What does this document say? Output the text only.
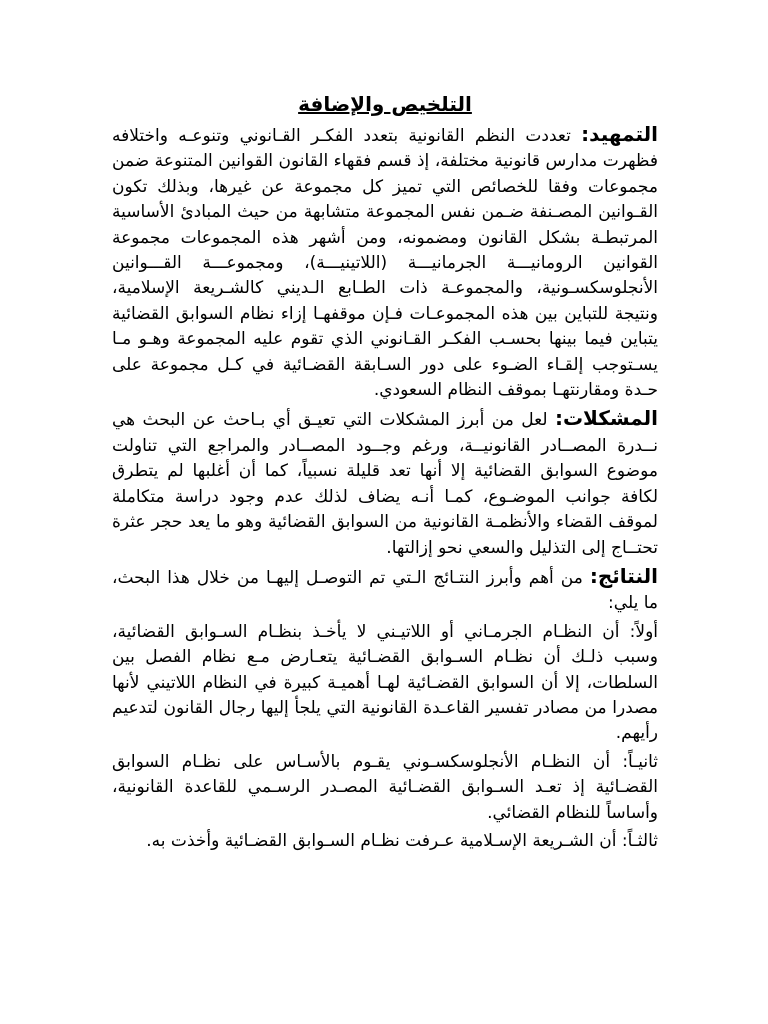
التلخيص والإضافة

التمهيد: تعددت النظم القانونية بتعدد الفكـر القـانوني وتنوعـه واختلافه فظهرت مدارس قانونية مختلفة، إذ قسم فقهاء القانون القوانين المتنوعة ضمن مجموعات وفقا للخصائص التي تميز كل مجموعة عن غيرها، وبذلك تكون القـوانين المصـنفة ضـمن نفس المجموعة متشابهة من حيث المبادئ الأساسية المرتبطـة بشكل القانون ومضمونه، ومن أشهر هذه المجموعات مجموعة القوانين الرومانيـــة الجرمانيـــة (اللاتينيـــة)، ومجموعـــة القـــوانين الأنجلوسكسـونية، والمجموعـة ذات الطـابع الـديني كالشـريعة الإسلامية، ونتيجة للتباين بين هذه المجموعـات فـإن موقفهـا إزاء نظام السوابق القضائية يتباين فيما بينها بحسـب الفكـر القـانوني الذي تقوم عليه المجموعة وهـو مـا يسـتوجب إلقـاء الضـوء على دور السـابقة القضـائية في كـل مجموعة على حـدة ومقارنتهـا بموقف النظام السعودي.

المشكلات: لعل من أبرز المشكلات التي تعيـق أي بـاحث عن البحث هي نــدرة المصــادر القانونيــة، ورغم وجــود المصــادر والمراجع التي تناولت موضوع السوابق القضائية إلا أنها تعد قليلة نسبياً، كما أن أغلبها لم يتطرق لكافة جوانب الموضـوع، كمـا أنـه يضاف لذلك عدم وجود دراسة متكاملة لموقف القضاء والأنظمـة القانونية من السوابق القضائية وهو ما يعد حجر عثرة تحتــاج إلى التذليل والسعي نحو إزالتها.

النتائج: من أهم وأبرز النتـائج الـتي تم التوصـل إليهـا من خلال هذا البحث، ما يلي:

أولاً: أن النظـام الجرمـاني أو اللاتيـني لا يأخـذ بنظـام السـوابق القضائية، وسبب ذلـك أن نظـام السـوابق القضـائية يتعـارض مـع نظام الفصل بين السلطات، إلا أن السوابق القضـائية لهـا أهميـة كبيرة في النظام اللاتيني لأنها مصدرا من مصادر تفسير القاعـدة القانونية التي يلجأ إليها رجال القانون لتدعيم رأيهم.

ثانيـاً: أن النظـام الأنجلوسكسـوني يقـوم بالأسـاس على نظـام السوابق القضـائية إذ تعـد السـوابق القضـائية المصـدر الرسـمي للقاعدة القانونية، وأساساً للنظام القضائي.

ثالثـاً: أن الشـريعة الإسـلامية عـرفت نظـام السـوابق القضـائية وأخذت به.
